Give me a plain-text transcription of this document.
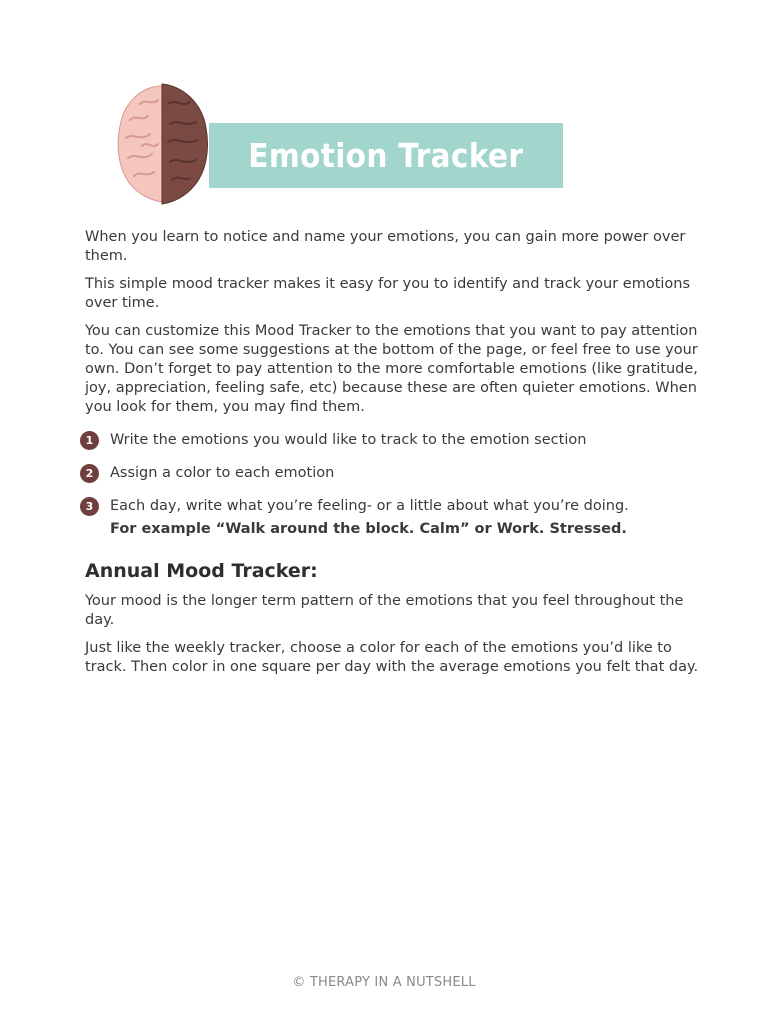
Emotion Tracker

When you learn to notice and name your emotions, you can gain more power over them.

This simple mood tracker makes it easy for you to identify and track your emotions over time.

You can customize this Mood Tracker to the emotions that you want to pay attention to. You can see some suggestions at the bottom of the page, or feel free to use your own. Don’t forget to pay attention to the more comfortable emotions (like gratitude, joy, appreciation, feeling safe, etc) because these are often quieter emotions. When you look for them, you may find them.

1	Write the emotions you would like to track to the emotion section
2	Assign a color to each emotion
3	Each day, write what you’re feeling- or a little about what you’re doing.
For example “Walk around the block. Calm” or Work. Stressed.
Annual Mood Tracker:

Your mood is the longer term pattern of the emotions that you feel throughout the day.

Just like the weekly tracker, choose a color for each of the emotions you’d like to track. Then color in one square per day with the average emotions you felt that day.

© THERAPY IN A NUTSHELL
